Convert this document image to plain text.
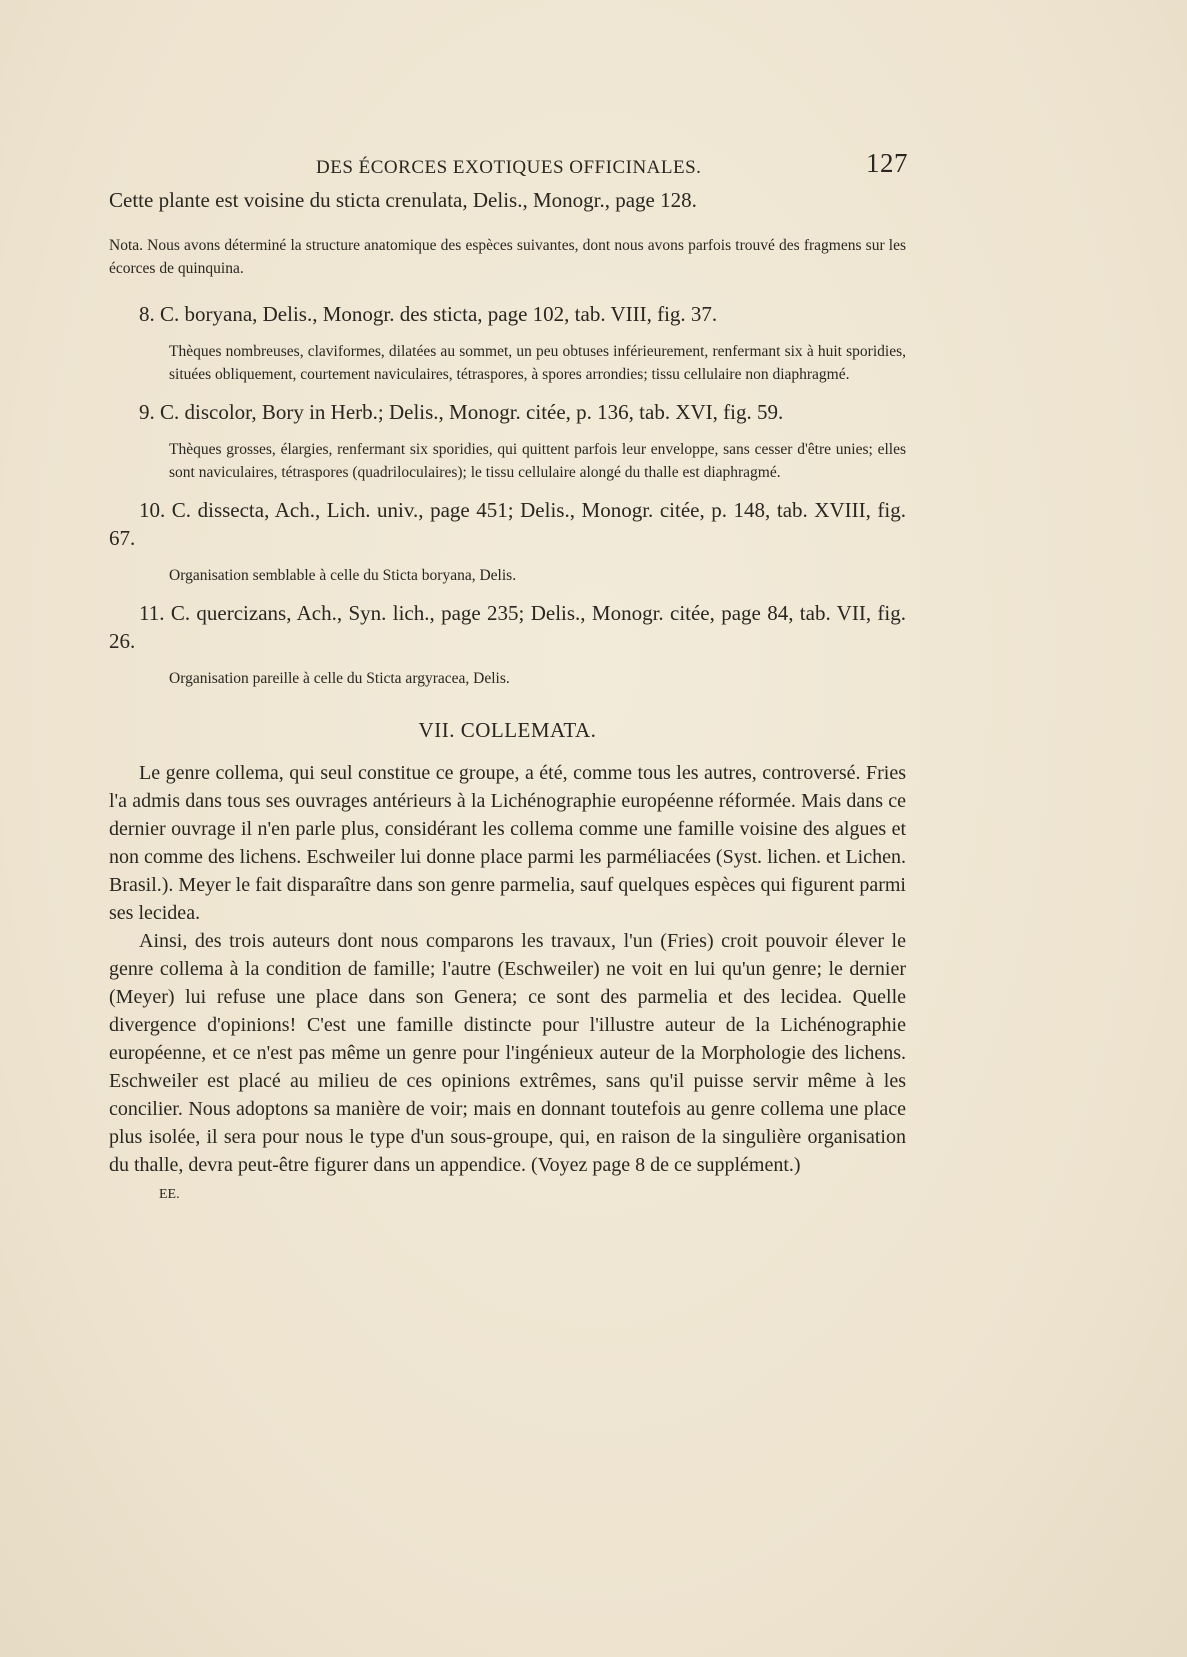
DES ÉCORCES EXOTIQUES OFFICINALES.	127

Cette plante est voisine du sticta crenulata, Delis., Monogr., page 128.

Nota. Nous avons déterminé la structure anatomique des espèces suivantes, dont nous avons parfois trouvé des fragmens sur les écorces de quinquina.

8. C. boryana, Delis., Monogr. des sticta, page 102, tab. VIII, fig. 37.

Thèques nombreuses, claviformes, dilatées au sommet, un peu obtuses inférieurement, renfermant six à huit sporidies, situées obliquement, courtement naviculaires, tétraspores, à spores arrondies; tissu cellulaire non diaphragmé.

9. C. discolor, Bory in Herb.; Delis., Monogr. citée, p. 136, tab. XVI, fig. 59.

Thèques grosses, élargies, renfermant six sporidies, qui quittent parfois leur enveloppe, sans cesser d'être unies; elles sont naviculaires, tétraspores (quadriloculaires); le tissu cellulaire alongé du thalle est diaphragmé.

10. C. dissecta, Ach., Lich. univ., page 451; Delis., Monogr. citée, p. 148, tab. XVIII, fig. 67.

Organisation semblable à celle du Sticta boryana, Delis.

11. C. quercizans, Ach., Syn. lich., page 235; Delis., Monogr. citée, page 84, tab. VII, fig. 26.

Organisation pareille à celle du Sticta argyracea, Delis.

VII. COLLEMATA.

Le genre collema, qui seul constitue ce groupe, a été, comme tous les autres, controversé. Fries l'a admis dans tous ses ouvrages antérieurs à la Lichénographie européenne réformée. Mais dans ce dernier ouvrage il n'en parle plus, considérant les collema comme une famille voisine des algues et non comme des lichens. Eschweiler lui donne place parmi les parméliacées (Syst. lichen. et Lichen. Brasil.). Meyer le fait disparaître dans son genre parmelia, sauf quelques espèces qui figurent parmi ses lecidea.

Ainsi, des trois auteurs dont nous comparons les travaux, l'un (Fries) croit pouvoir élever le genre collema à la condition de famille; l'autre (Eschweiler) ne voit en lui qu'un genre; le dernier (Meyer) lui refuse une place dans son Genera; ce sont des parmelia et des lecidea. Quelle divergence d'opinions! C'est une famille distincte pour l'illustre auteur de la Lichénographie européenne, et ce n'est pas même un genre pour l'ingénieux auteur de la Morphologie des lichens. Eschweiler est placé au milieu de ces opinions extrêmes, sans qu'il puisse servir même à les concilier. Nous adoptons sa manière de voir; mais en donnant toutefois au genre collema une place plus isolée, il sera pour nous le type d'un sous-groupe, qui, en raison de la singulière organisation du thalle, devra peut-être figurer dans un appendice. (Voyez page 8 de ce supplément.)

EE.
